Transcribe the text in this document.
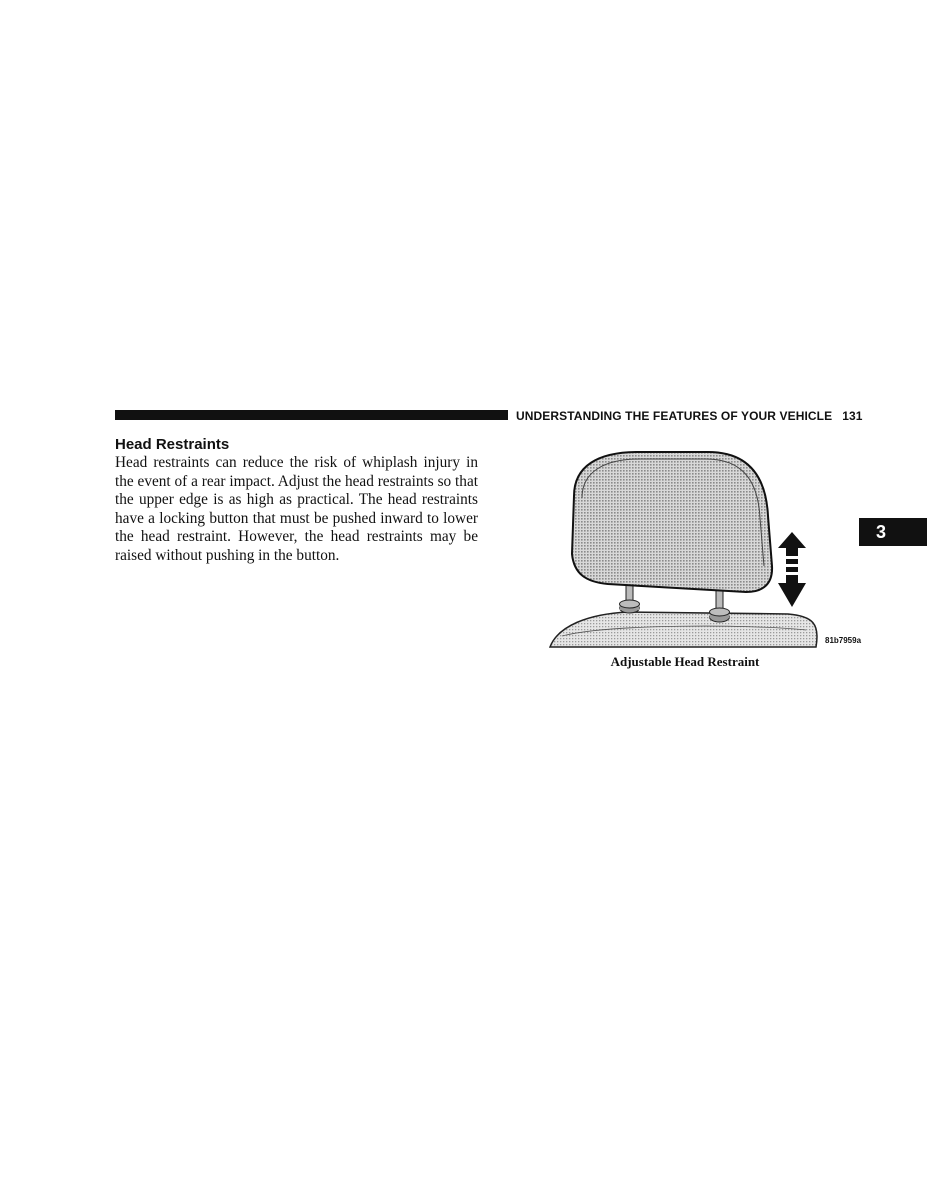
UNDERSTANDING THE FEATURES OF YOUR VEHICLE 131
Head Restraints

Head restraints can reduce the risk of whiplash injury in the event of a rear impact. Adjust the head restraints so that the upper edge is as high as practical. The head restraints have a locking button that must be pushed inward to lower the head restraint. However, the head restraints may be raised without pushing in the button.

81b7959a
Adjustable Head Restraint
3
